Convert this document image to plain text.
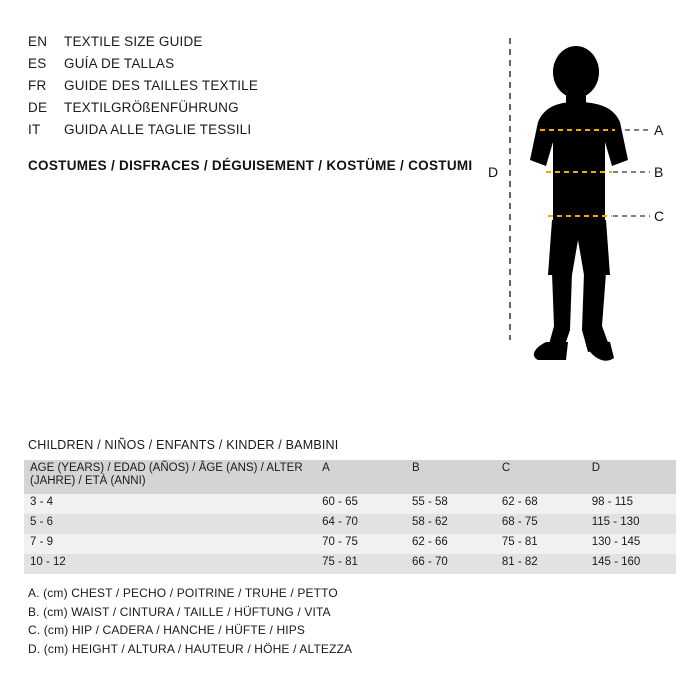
EN	TEXTILE SIZE GUIDE
ES	GUÍA DE TALLAS
FR	GUIDE DES TAILLES TEXTILE
DE	TEXTILGRÖßENFÜHRUNG
IT	GUIDA ALLE TAGLIE TESSILI
COSTUMES / DISFRACES / DÉGUISEMENT / KOSTÜME / COSTUMI
A
B
C
D
CHILDREN / NIÑOS / ENFANTS / KINDER / BAMBINI
AGE (YEARS) / EDAD (AÑOS) / ÂGE (ANS) / ALTER (JAHRE) / ETÀ (ANNI)	A	B	C	D
3 - 4	60 - 65	55 - 58	62 - 68	98 - 115
5 - 6	64 - 70	58 - 62	68 - 75	115 - 130
7 - 9	70 - 75	62 - 66	75 - 81	130 - 145
10 - 12	75 - 81	66 - 70	81 - 82	145 - 160
A. (cm) CHEST / PECHO / POITRINE / TRUHE / PETTO
B. (cm) WAIST / CINTURA / TAILLE / HÜFTUNG / VITA
C. (cm) HIP / CADERA / HANCHE / HÜFTE / HIPS
D. (cm) HEIGHT / ALTURA / HAUTEUR / HÖHE / ALTEZZA
